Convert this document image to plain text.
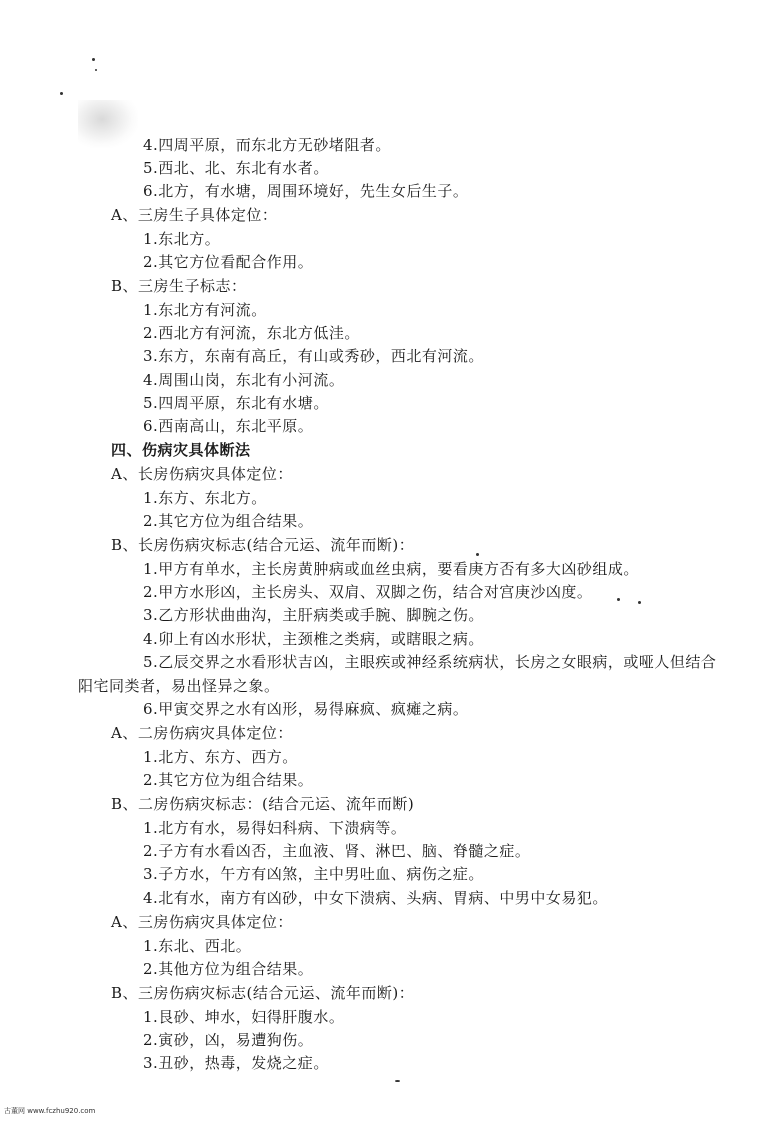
4.四周平原，而东北方无砂堵阻者。
5.西北、北、东北有水者。
6.北方，有水塘，周围环境好，先生女后生子。
A、三房生子具体定位：
1.东北方。
2.其它方位看配合作用。
B、三房生子标志：
1.东北方有河流。
2.西北方有河流，东北方低洼。
3.东方，东南有高丘，有山或秀砂，西北有河流。
4.周围山岗，东北有小河流。
5.四周平原，东北有水塘。
6.西南高山，东北平原。
四、伤病灾具体断法
A、长房伤病灾具体定位：
1.东方、东北方。
2.其它方位为组合结果。
B、长房伤病灾标志(结合元运、流年而断)：
1.甲方有单水，主长房黄肿病或血丝虫病，要看庚方否有多大凶砂组成。
2.甲方水形凶，主长房头、双肩、双脚之伤，结合对宫庚沙凶度。
3.乙方形状曲曲沟，主肝病类或手腕、脚腕之伤。
4.卯上有凶水形状，主颈椎之类病，或瞎眼之病。
5.乙辰交界之水看形状吉凶，主眼疾或神经系统病状，长房之女眼病，或哑人但结合
阳宅同类者，易出怪异之象。
6.甲寅交界之水有凶形，易得麻疯、疯瘫之病。
A、二房伤病灾具体定位：
1.北方、东方、西方。
2.其它方位为组合结果。
B、二房伤病灾标志：(结合元运、流年而断)
1.北方有水，易得妇科病、下溃病等。
2.子方有水看凶否，主血液、肾、淋巴、脑、脊髓之症。
3.子方水，午方有凶煞，主中男吐血、病伤之症。
4.北有水，南方有凶砂，中女下溃病、头病、胃病、中男中女易犯。
A、三房伤病灾具体定位：
1.东北、西北。
2.其他方位为组合结果。
B、三房伤病灾标志(结合元运、流年而断)：
1.艮砂、坤水，妇得肝腹水。
2.寅砂，凶，易遭狗伤。
3.丑砂，热毒，发烧之症。
古董网 www.fczhu920.com
